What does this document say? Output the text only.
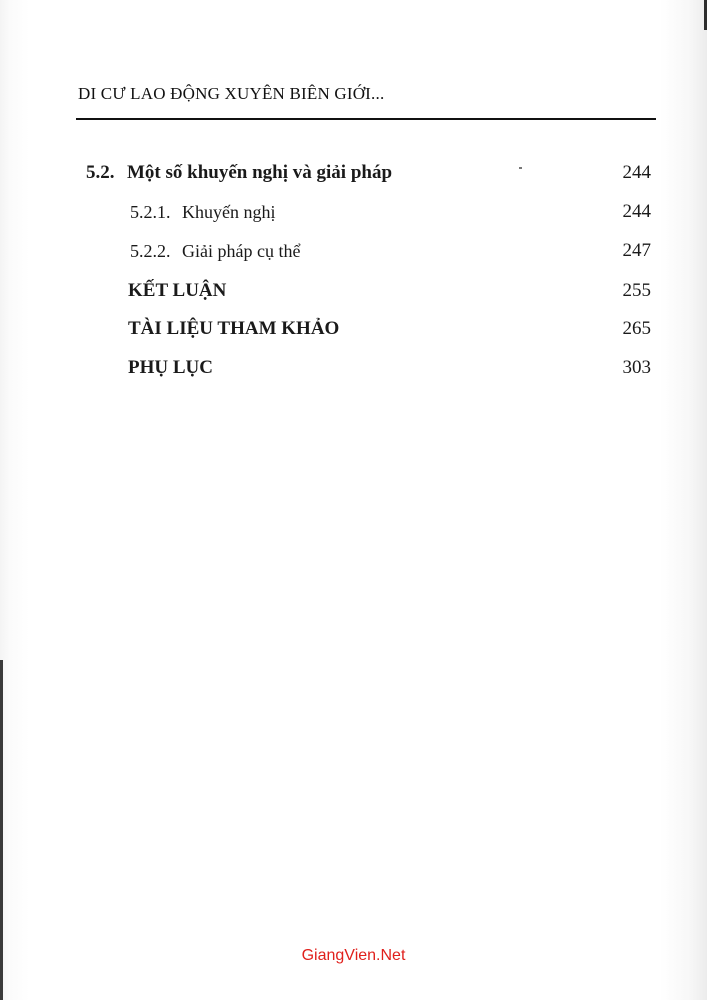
DI CƯ LAO ĐỘNG XUYÊN BIÊN GIỚI...
5.2. Một số khuyến nghị và giải pháp	244
5.2.1. Khuyến nghị	244
5.2.2. Giải pháp cụ thể	247
KẾT LUẬN	255
TÀI LIỆU THAM KHẢO	265
PHỤ LỤC	303
GiangVien.Net
